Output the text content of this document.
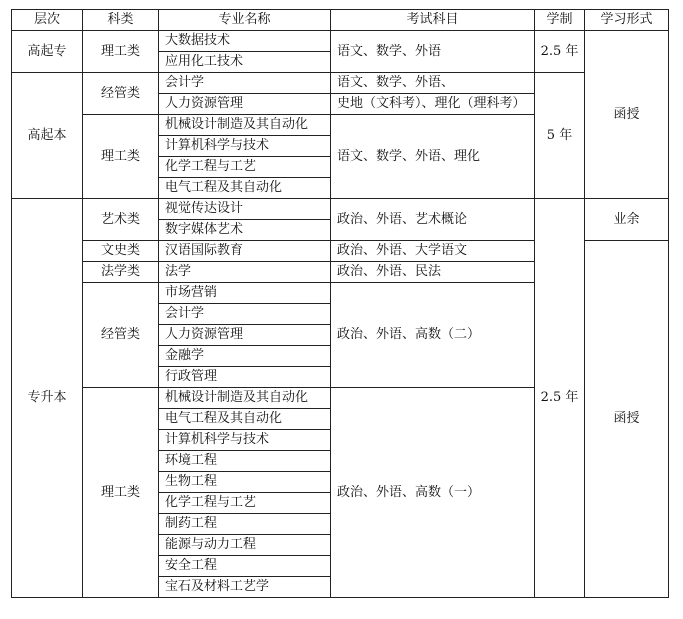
层次	科类	专业名称	考试科目	学制	学习形式
高起专	理工类	大数据技术	语文、数学、外语	2.5 年	函授
		应用化工技术			
高起本	经管类	会计学	语文、数学、外语、	5 年	
		人力资源管理	史地（文科考）、理化（理科考）		
	理工类	机械设计制造及其自动化	语文、数学、外语、理化		
		计算机科学与技术			
		化学工程与工艺			
		电气工程及其自动化			
专升本	艺术类	视觉传达设计	政治、外语、艺术概论	2.5 年	业余
		数字媒体艺术			
	文史类	汉语国际教育	政治、外语、大学语文		函授
	法学类	法学	政治、外语、民法		
	经管类	市场营销	政治、外语、高数（二）		
		会计学			
		人力资源管理			
		金融学			
		行政管理			
	理工类	机械设计制造及其自动化	政治、外语、高数（一）		
		电气工程及其自动化			
		计算机科学与技术			
		环境工程			
		生物工程			
		化学工程与工艺			
		制药工程			
		能源与动力工程			
		安全工程			
		宝石及材料工艺学			
